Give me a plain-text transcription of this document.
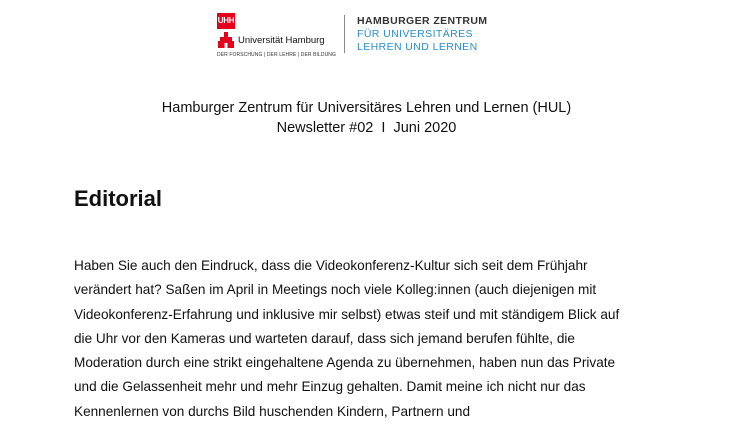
UHH
Universität Hamburg
DER FORSCHUNG | DER LEHRE | DER BILDUNG
HAMBURGER ZENTRUM
FÜR UNIVERSITÄRES
LEHREN UND LERNEN
Hamburger Zentrum für Universitäres Lehren und Lernen (HUL)
Newsletter #02  I  Juni 2020
Editorial
Haben Sie auch den Eindruck, dass die Videokonferenz-Kultur sich seit dem Frühjahr
verändert hat? Saßen im April in Meetings noch viele Kolleg:innen (auch diejenigen mit
Videokonferenz-Erfahrung und inklusive mir selbst) etwas steif und mit ständigem Blick auf
die Uhr vor den Kameras und warteten darauf, dass sich jemand berufen fühlte, die
Moderation durch eine strikt eingehaltene Agenda zu übernehmen, haben nun das Private
und die Gelassenheit mehr und mehr Einzug gehalten. Damit meine ich nicht nur das
Kennenlernen von durchs Bild huschenden Kindern, Partnern und
